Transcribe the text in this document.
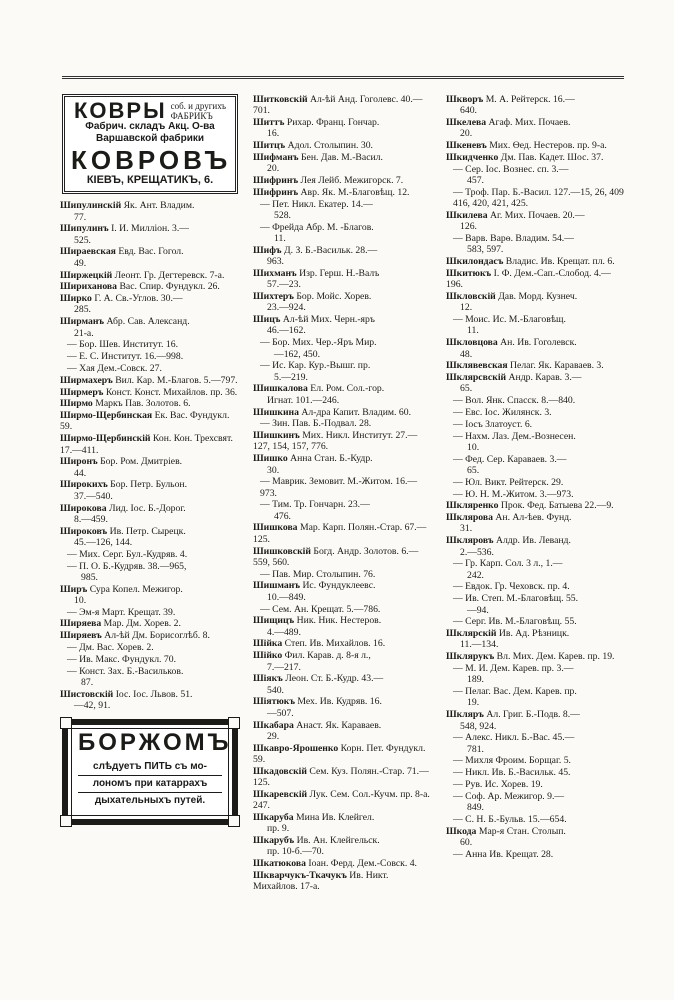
КОВРЫ соб. и другихъ
ФАБРИКЪ
Фабрич. складъ Акц. О-ва
Варшавской фабрики
КОВРОВЪ
КІЕВЪ, КРЕЩАТИКЪ, 6.
Шипулинскій Як. Ант. Владим.
77.
Шипулинъ I. И. Милліон. 3.—
525.
Шираевская Евд. Вас. Гогол.
49.
Ширжецкій Леонт. Гр. Дегтеревск. 7-а.
Шириханова Вас. Спир. Фундукл. 26.
Ширко Г. А. Св.-Углов. 30.—
285.
Ширманъ Абр. Сав. Александ.
21-а.
— Бор. Шев. Институт. 16.
— Е. С. Институт. 16.—998.
— Хая Дем.-Совск. 27.
Ширмахеръ Вил. Кар. М.-Благов. 5.—797.
Ширмеръ Конст. Конст. Михайлов. пр. 36.
Ширмо Маркъ Пав. Золотов. 6.
Ширмо-Щербинская Ек. Вас. Фундукл. 59.
Ширмо-Щербинскій Кон. Кон. Трехсвят. 17.—411.
Широнъ Бор. Ром. Дмитріев.
44.
Широкихъ Бор. Петр. Бульон.
37.—540.
Широкова Лид. Іос. Б.-Дорог.
8.—459.
Широковъ Ив. Петр. Сырецк.
45.—126, 144.
— Мих. Серг. Бул.-Кудряв. 4.
— П. О. Б.-Кудряв. 38.—965,
985.
Ширъ Сура Копел. Межигор.
10.
— Эм-я Март. Крещат. 39.
Ширяева Мар. Дм. Хорев. 2.
Ширяевъ Ал-ѣй Дм. Борисоглѣб. 8.
— Дм. Вас. Хорев. 2.
— Ив. Макс. Фундукл. 70.
— Конст. Зах. Б.-Васильков.
87.
Шистовскій Іос. Іос. Львов. 51.
—42, 91.
БОРЖОМЪ
слѣдуетъ ПИТЬ съ мо-
лономъ при катаррахъ
дыхательныхъ путей.
Шитковскій Ал-ѣй Анд. Гоголевс. 40.—701.
Шиттъ Рихар. Франц. Гончар.
16.
Шитцъ Адол. Столыпин. 30.
Шифманъ Бен. Дав. М.-Васил.
20.
Шифринъ Лея Лейб. Межигорск. 7.
Шифринъ Авр. Як. М.-Благовѣщ. 12.
— Пет. Никл. Екатер. 14.—
528.
— Фрейда Абр. М. -Благов.
11.
Шифъ Д. З. Б.-Васильк. 28.—
963.
Шихманъ Изр. Герш. Н.-Валъ
57.—23.
Шихтеръ Бор. Мойс. Хорев.
23.—924.
Шицъ Ал-ѣй Мих. Черн.-яръ
46.—162.
— Бор. Мих. Чер.-Яръ Мир.
—162, 450.
— Ис. Кар. Кур.-Вышг. пр.
5.—219.
Шишкалова Ел. Ром. Сол.-гор.
Игнат. 101.—246.
Шишкина Ал-дра Капит. Владим. 60.
— Зин. Пав. Б.-Подвал. 28.
Шишкинъ Мих. Никл. Институт. 27.—127, 154, 157, 776.
Шишко Анна Стан. Б.-Кудр.
30.
— Маврик. Земовит. М.-Житом. 16.—973.
— Тим. Тр. Гончарн. 23.—
476.
Шишкова Мар. Карп. Полян.-Стар. 67.—125.
Шишковскій Богд. Андр. Золотов. 6.—559, 560.
— Пав. Мир. Столыпин. 76.
Шишманъ Ис. Фундуклеевс.
10.—849.
— Сем. Ан. Крещат. 5.—786.
Шищицъ Ник. Ник. Нестеров.
4.—489.
Шійка Степ. Ив. Михайлов. 16.
Шійко Фил. Карав. д. 8-я л.,
7.—217.
Шіякъ Леон. Ст. Б.-Кудр. 43.—
540.
Шіятюкъ Мех. Ив. Кудряв. 16.
—507.
Шкабара Анаст. Як. Караваев.
29.
Шкавро-Ярошенко Корн. Пет. Фундукл. 59.
Шкадовскій Сем. Куз. Полян.-Стар. 71.—125.
Шкаревскій Лук. Сем. Сол.-Кучм. пр. 8-а. 247.
Шкаруба Мина Ив. Клейгел.
пр. 9.
Шкарубъ Ив. Ан. Клейгельск.
пр. 10-б.—70.
Шкатюкова Іоан. Ферд. Дем.-Совск. 4.
Шкварчукъ-Ткачукъ Ив. Никт. Михайлов. 17-а.
Шкворъ М. А. Рейтерск. 16.—
640.
Шкелева Агаф. Мих. Почаев.
20.
Шкеневъ Мих. Ѳед. Нестеров. пр. 9-а.
Шкидченко Дм. Пав. Кадет. Шос. 37.
— Сер. Іос. Вознес. сп. 3.—
457.
— Троф. Пар. Б.-Васил. 127.—15, 26, 409 416, 420, 421, 425.
Шкилева Аг. Мих. Почаев. 20.—
126.
— Варв. Варѳ. Владим. 54.—
583, 597.
Шкилондасъ Владис. Ив. Крещат. пл. 6.
Шкитюкъ I. Ф. Дем.-Сап.-Слобод. 4.—196.
Шкловскій Дав. Морд. Кузнеч.
12.
— Моис. Ис. М.-Благовѣщ.
11.
Шкловцова Ан. Ив. Гоголевск.
48.
Шклявевская Пелаг. Як. Караваев. 3.
Шклярсвскій Андр. Карав. 3.—
65.
— Вол. Янк. Спасск. 8.—840.
— Евс. Іос. Жилянск. 3.
— Іосъ Златоуст. 6.
— Нахм. Лаз. Дем.-Вознесен.
10.
— Фед. Сер. Караваев. 3.—
65.
— Юл. Викт. Рейтерск. 29.
— Ю. Н. М.-Житом. 3.—973.
Шкляренко Прок. Фед. Батыева 22.—9.
Шклярова Ан. Ал-ѣев. Фунд.
31.
Шкляровъ Алдр. Ив. Леванд.
2.—536.
— Гр. Карп. Сол. 3 л., 1.—
242.
— Евдок. Гр. Чеховск. пр. 4.
— Ив. Степ. М.-Благовѣщ. 55.
—94.
— Серг. Ив. М.-Благовѣщ. 55.
Шклярскій Ив. Ад. Рѣзницк.
11.—134.
Шклярукъ Вл. Мих. Дем. Карев. пр. 19.
— М. И. Дем. Карев. пр. 3.—
189.
— Пелаг. Вас. Дем. Карев. пр.
19.
Шкляръ Ал. Григ. Б.-Подв. 8.—
548, 924.
— Алекс. Никл. Б.-Вас. 45.—
781.
— Михля Фроим. Борщаг. 5.
— Никл. Ив. Б.-Васильк. 45.
— Рув. Ис. Хорев. 19.
— Соф. Ар. Межигор. 9.—
849.
— С. Н. Б.-Бульв. 15.—654.
Шкода Мар-я Стан. Столып.
60.
— Анна Ив. Крещат. 28.
